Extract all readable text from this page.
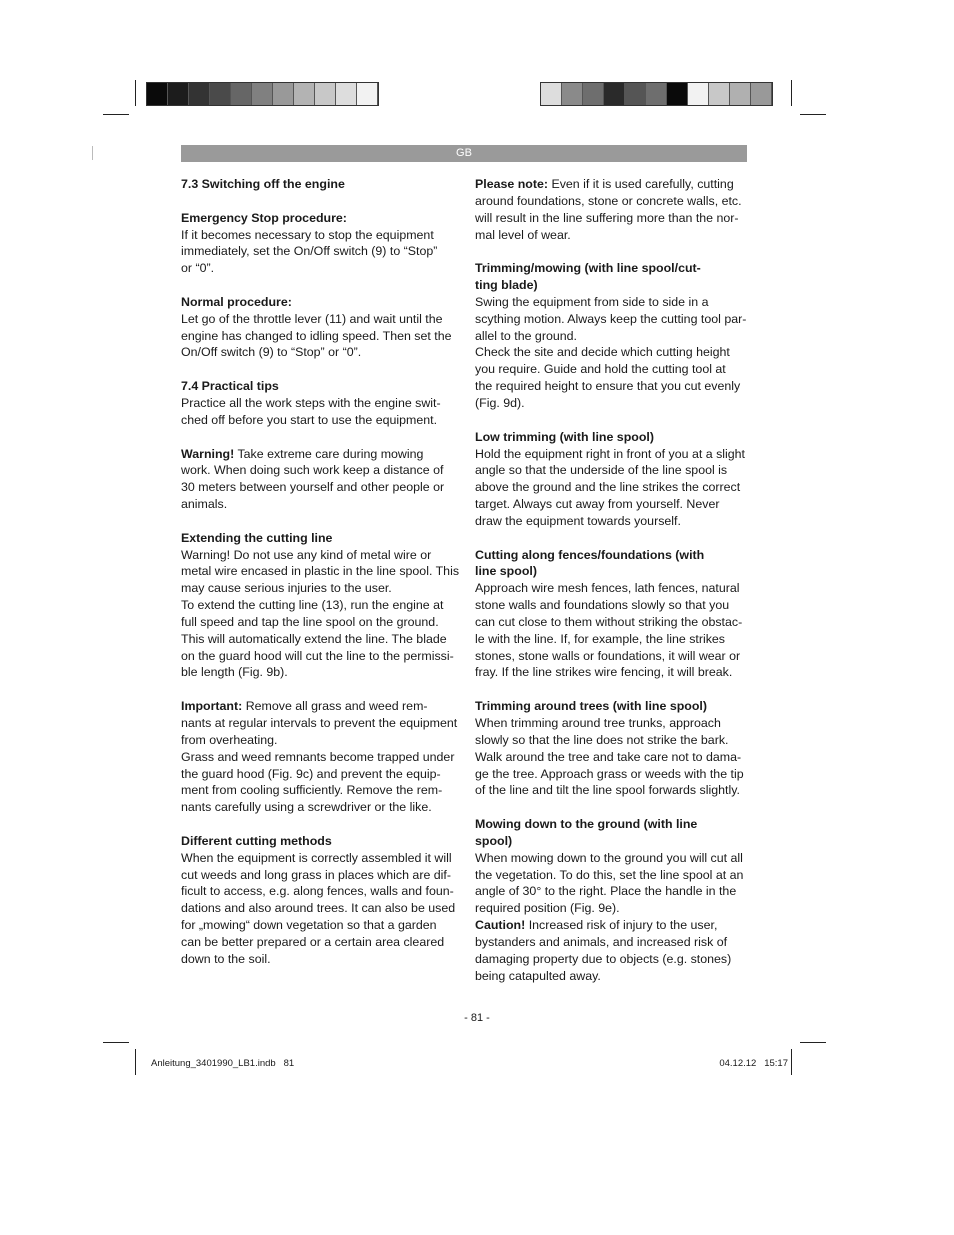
GB

7.3 Switching off the engine

Emergency Stop procedure:

If it becomes necessary to stop the equipment

immediately, set the On/Off switch (9) to “Stop”

or “0”.

Normal procedure:

Let go of the throttle lever (11) and wait until the

engine has changed to idling speed. Then set the

On/Off switch (9) to “Stop” or “0”.

7.4 Practical tips

Practice all the work steps with the engine swit-

ched off before you start to use the equipment.

Warning! Take extreme care during mowing

work. When doing such work keep a distance of

30 meters between yourself and other people or

animals.

Extending the cutting line

Warning! Do not use any kind of metal wire or

metal wire encased in plastic in the line spool. This

may cause serious injuries to the user.

To extend the cutting line (13), run the engine at

full speed and tap the line spool on the ground.

This will automatically extend the line. The blade

on the guard hood will cut the line to the permissi-

ble length (Fig. 9b).

Important: Remove all grass and weed rem-

nants at regular intervals to prevent the equipment

from overheating.

Grass and weed remnants become trapped under

the guard hood (Fig. 9c) and prevent the equip-

ment from cooling sufficiently. Remove the rem-

nants carefully using a screwdriver or the like.

Different cutting methods

When the equipment is correctly assembled it will

cut weeds and long grass in places which are dif-

ficult to access, e.g. along fences, walls and foun-

dations and also around trees. It can also be used

for „mowing“ down vegetation so that a garden

can be better prepared or a certain area cleared

down to the soil.

Please note: Even if it is used carefully, cutting

around foundations, stone or concrete walls, etc.

will result in the line suffering more than the nor-

mal level of wear.

Trimming/mowing (with line spool/cut-
ting blade)

Swing the equipment from side to side in a

scything motion. Always keep the cutting tool par-

allel to the ground.

Check the site and decide which cutting height

you require. Guide and hold the cutting tool at

the required height to ensure that you cut evenly

(Fig. 9d).

Low trimming (with line spool)

Hold the equipment right in front of you at a slight

angle so that the underside of the line spool is

above the ground and the line strikes the correct

target. Always cut away from yourself. Never

draw the equipment towards yourself.

Cutting along fences/foundations (with
line spool)

Approach wire mesh fences, lath fences, natural

stone walls and foundations slowly so that you

can cut close to them without striking the obstac-

le with the line. If, for example, the line strikes

stones, stone walls or foundations, it will wear or

fray. If the line strikes wire fencing, it will break.

Trimming around trees (with line spool)

When trimming around tree trunks, approach

slowly so that the line does not strike the bark.

Walk around the tree and take care not to dama-

ge the tree. Approach grass or weeds with the tip

of the line and tilt the line spool forwards slightly.

Mowing down to the ground (with line
spool)

When mowing down to the ground you will cut all

the vegetation. To do this, set the line spool at an

angle of 30° to the right. Place the handle in the

required position (Fig. 9e).

Caution! Increased risk of injury to the user,

bystanders and animals, and increased risk of

damaging property due to objects (e.g. stones)

being catapulted away.

- 81 -
Anleitung_3401990_LB1.indb   81	04.12.12   15:17
